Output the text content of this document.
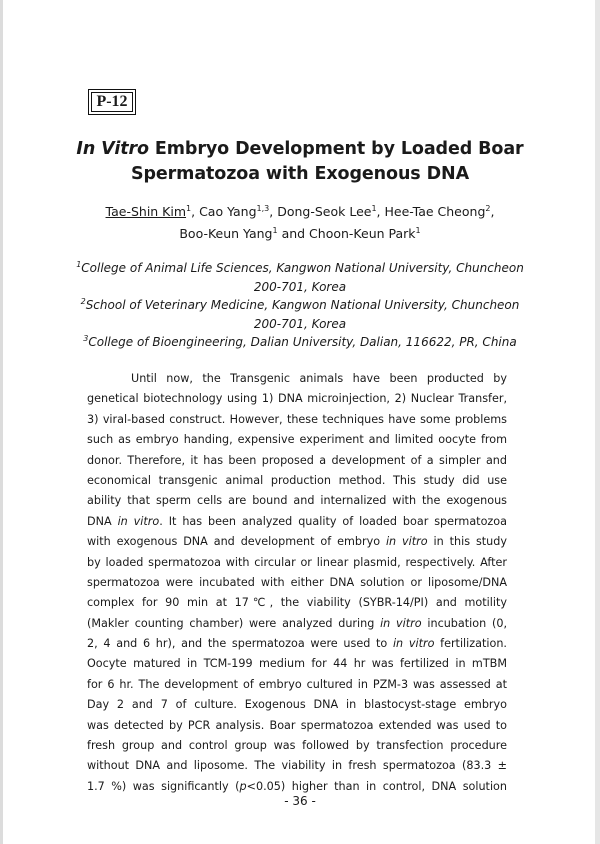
P-12
In Vitro Embryo Development by Loaded Boar
Spermatozoa with Exogenous DNA
Tae-Shin Kim$^1$, Cao Yang$^{1,3}$, Dong-Seok Lee$^1$, Hee-Tae Cheong$^2$,
Boo-Keun Yang$^1$ and Choon-Keun Park$^1$
$^1$College of Animal Life Sciences, Kangwon National University, Chuncheon
200-701, Korea
$^2$School of Veterinary Medicine, Kangwon National University, Chuncheon
200-701, Korea
$^3$College of Bioengineering, Dalian University, Dalian, 116622, PR, China
Until now, the Transgenic animals have been producted by
genetical biotechnology using 1) DNA microinjection, 2) Nuclear Transfer,
3) viral-based construct. However, these techniques have some problems
such as embryo handing, expensive experiment and limited oocyte from
donor. Therefore, it has been proposed a development of a simpler and
economical transgenic animal production method. This study did use
ability that sperm cells are bound and internalized with the exogenous
DNA in vitro. It has been analyzed quality of loaded boar spermatozoa
with exogenous DNA and development of embryo in vitro in this study
by loaded spermatozoa with circular or linear plasmid, respectively. After
spermatozoa were incubated with either DNA solution or liposome/DNA
complex for 90 min at 17℃, the viability (SYBR-14/PI) and motility
(Makler counting chamber) were analyzed during in vitro incubation (0,
2, 4 and 6 hr), and the spermatozoa were used to in vitro fertilization.
Oocyte matured in TCM-199 medium for 44 hr was fertilized in mTBM
for 6 hr. The development of embryo cultured in PZM-3 was assessed at
Day 2 and 7 of culture. Exogenous DNA in blastocyst-stage embryo
was detected by PCR analysis. Boar spermatozoa extended was used to
fresh group and control group was followed by transfection procedure
without DNA and liposome. The viability in fresh spermatozoa (83.3 ±
1.7 %) was significantly (p<0.05) higher than in control, DNA solution
- 36 -
